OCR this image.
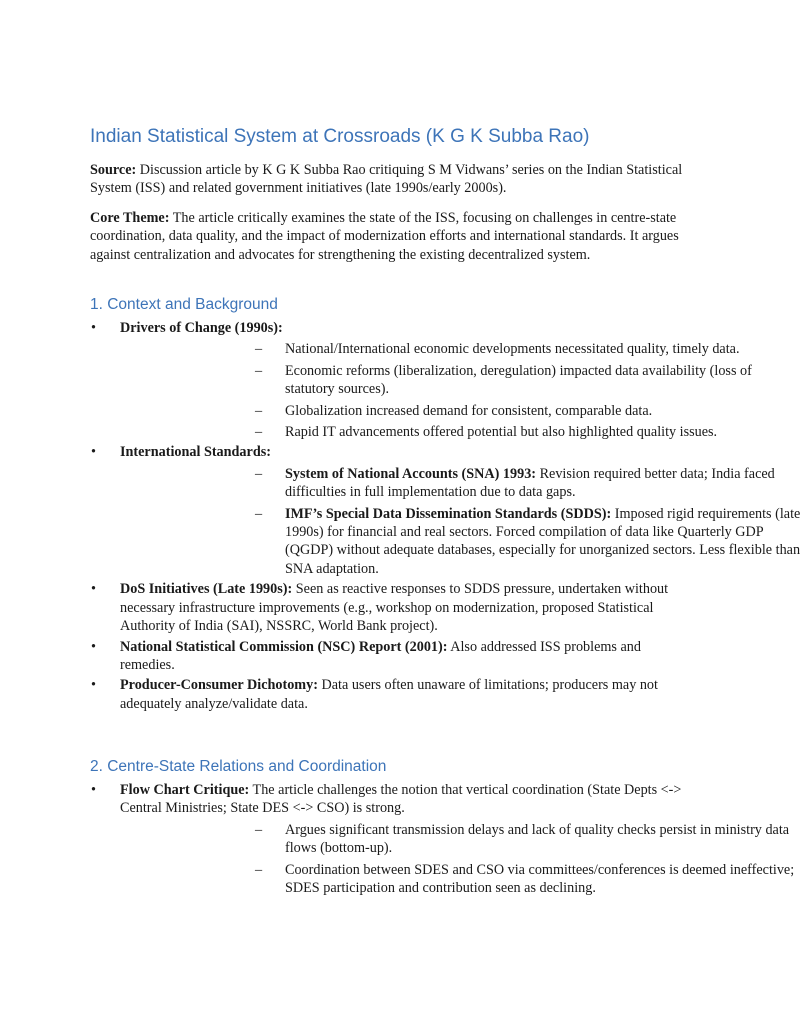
Indian Statistical System at Crossroads (K G K Subba Rao)

Source: Discussion article by K G K Subba Rao critiquing S M Vidwans’ series on the Indian Statistical System (ISS) and related government initiatives (late 1990s/early 2000s).

Core Theme: The article critically examines the state of the ISS, focusing on challenges in centre-state coordination, data quality, and the impact of modernization efforts and international standards. It argues against centralization and advocates for strengthening the existing decentralized system.

1. Context and Background
• Drivers of Change (1990s):
– National/International economic developments necessitated quality, timely data.
– Economic reforms (liberalization, deregulation) impacted data availability (loss of statutory sources).
– Globalization increased demand for consistent, comparable data.
– Rapid IT advancements offered potential but also highlighted quality issues.
• International Standards:
– System of National Accounts (SNA) 1993: Revision required better data; India faced difficulties in full implementation due to data gaps.
– IMF’s Special Data Dissemination Standards (SDDS): Imposed rigid requirements (late 1990s) for financial and real sectors. Forced compilation of data like Quarterly GDP (QGDP) without adequate databases, especially for unorganized sectors. Less flexible than SNA adaptation.
• DoS Initiatives (Late 1990s): Seen as reactive responses to SDDS pressure, undertaken without necessary infrastructure improvements (e.g., workshop on modernization, proposed Statistical Authority of India (SAI), NSSRC, World Bank project).
• National Statistical Commission (NSC) Report (2001): Also addressed ISS problems and remedies.
• Producer-Consumer Dichotomy: Data users often unaware of limitations; producers may not adequately analyze/validate data.
2. Centre-State Relations and Coordination
• Flow Chart Critique: The article challenges the notion that vertical coordination (State Depts <-> Central Ministries; State DES <-> CSO) is strong.
– Argues significant transmission delays and lack of quality checks persist in ministry data flows (bottom-up).
– Coordination between SDES and CSO via committees/conferences is deemed ineffective; SDES participation and contribution seen as declining.
